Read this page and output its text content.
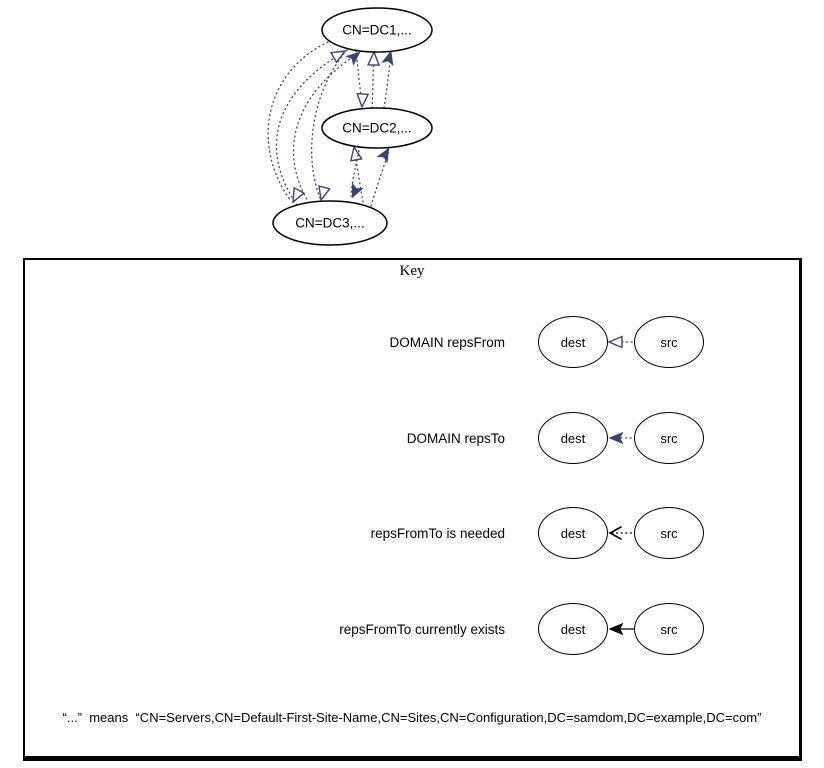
CN=DC1,...
CN=DC2,...
CN=DC3,...
Key
DOMAIN repsFrom	dest	src
DOMAIN repsTo	dest	src
repsFromTo is needed	dest	src
repsFromTo currently exists	dest	src
“...”  means  “CN=Servers,CN=Default-First-Site-Name,CN=Sites,CN=Configuration,DC=samdom,DC=example,DC=com”
